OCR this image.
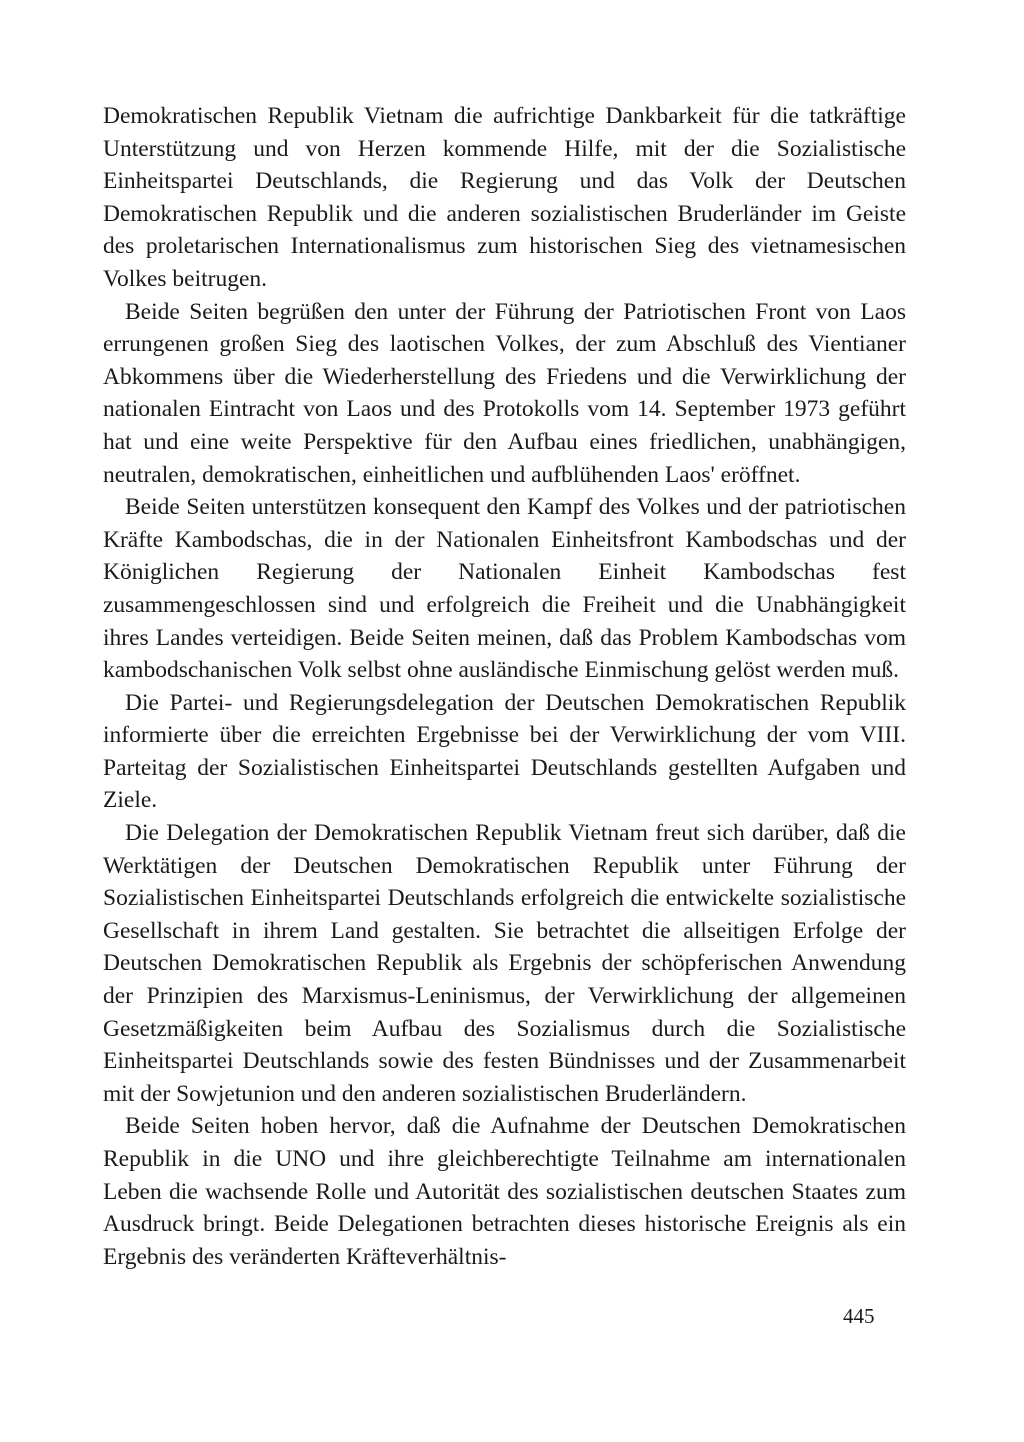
Demokratischen Republik Vietnam die aufrichtige Dankbarkeit für die tatkräftige Unterstützung und von Herzen kommende Hilfe, mit der die Sozialistische Einheitspartei Deutschlands, die Regierung und das Volk der Deutschen Demokratischen Republik und die anderen sozialistischen Bruderländer im Geiste des proletarischen Internationalismus zum historischen Sieg des vietnamesischen Volkes beitrugen.

Beide Seiten begrüßen den unter der Führung der Patriotischen Front von Laos errungenen großen Sieg des laotischen Volkes, der zum Abschluß des Vientianer Abkommens über die Wiederherstellung des Friedens und die Verwirklichung der nationalen Eintracht von Laos und des Protokolls vom 14. September 1973 geführt hat und eine weite Perspektive für den Aufbau eines friedlichen, unabhängigen, neutralen, demokratischen, einheitlichen und aufblühenden Laos' eröffnet.

Beide Seiten unterstützen konsequent den Kampf des Volkes und der patriotischen Kräfte Kambodschas, die in der Nationalen Einheitsfront Kambodschas und der Königlichen Regierung der Nationalen Einheit Kambodschas fest zusammengeschlossen sind und erfolgreich die Freiheit und die Unabhängigkeit ihres Landes verteidigen. Beide Seiten meinen, daß das Problem Kambodschas vom kambodschanischen Volk selbst ohne ausländische Einmischung gelöst werden muß.

Die Partei- und Regierungsdelegation der Deutschen Demokratischen Republik informierte über die erreichten Ergebnisse bei der Verwirklichung der vom VIII. Parteitag der Sozialistischen Einheitspartei Deutschlands gestellten Aufgaben und Ziele.

Die Delegation der Demokratischen Republik Vietnam freut sich darüber, daß die Werktätigen der Deutschen Demokratischen Republik unter Führung der Sozialistischen Einheitspartei Deutschlands erfolgreich die entwickelte sozialistische Gesellschaft in ihrem Land gestalten. Sie betrachtet die allseitigen Erfolge der Deutschen Demokratischen Republik als Ergebnis der schöpferischen Anwendung der Prinzipien des Marxismus-Leninismus, der Verwirklichung der allgemeinen Gesetzmäßigkeiten beim Aufbau des Sozialismus durch die Sozialistische Einheitspartei Deutschlands sowie des festen Bündnisses und der Zusammenarbeit mit der Sowjetunion und den anderen sozialistischen Bruderländern.

Beide Seiten hoben hervor, daß die Aufnahme der Deutschen Demokratischen Republik in die UNO und ihre gleichberechtigte Teilnahme am internationalen Leben die wachsende Rolle und Autorität des sozialistischen deutschen Staates zum Ausdruck bringt. Beide Delegationen betrachten dieses historische Ereignis als ein Ergebnis des veränderten Kräfteverhältnis-

445
